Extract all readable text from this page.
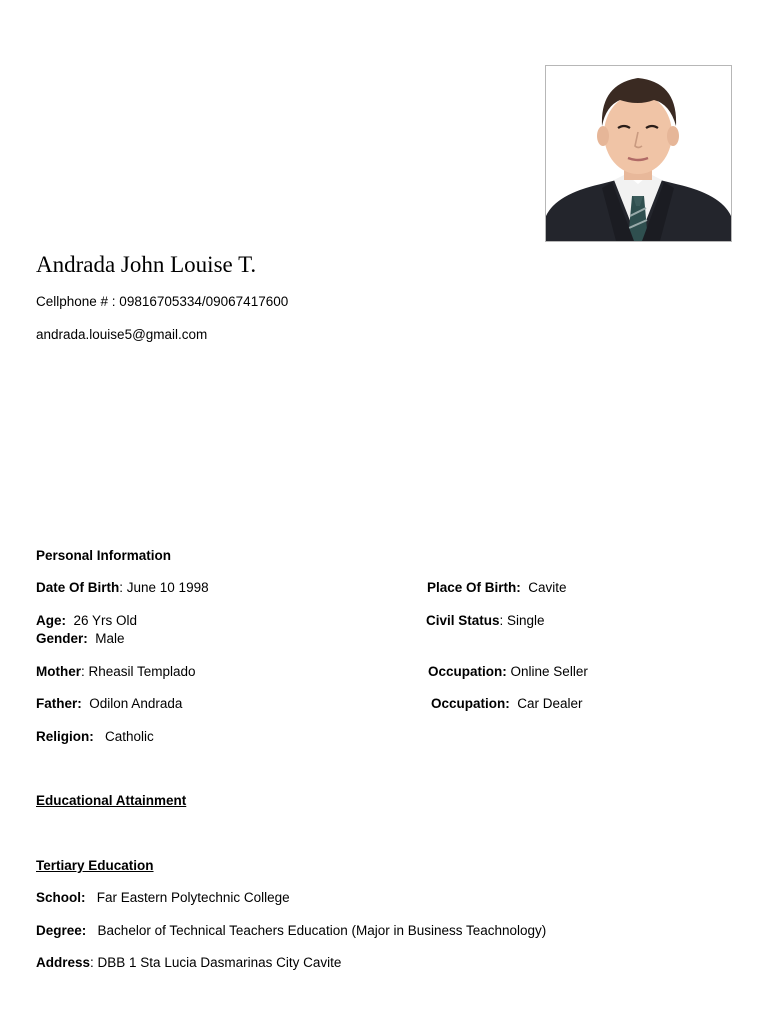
Andrada John Louise T.
Cellphone # : 09816705334/09067417600
andrada.louise5@gmail.com
Personal Information
Date Of Birth: June 10 1998	Place Of Birth: Cavite
Age: 26 Yrs Old	Civil Status: Single
Gender: Male
Mother: Rheasil Templado	Occupation: Online Seller
Father: Odilon Andrada	Occupation: Car Dealer
Religion: Catholic
Educational Attainment
Tertiary Education
School: Far Eastern Polytechnic College
Degree: Bachelor of Technical Teachers Education (Major in Business Teachnology)
Address: DBB 1 Sta Lucia Dasmarinas City Cavite
